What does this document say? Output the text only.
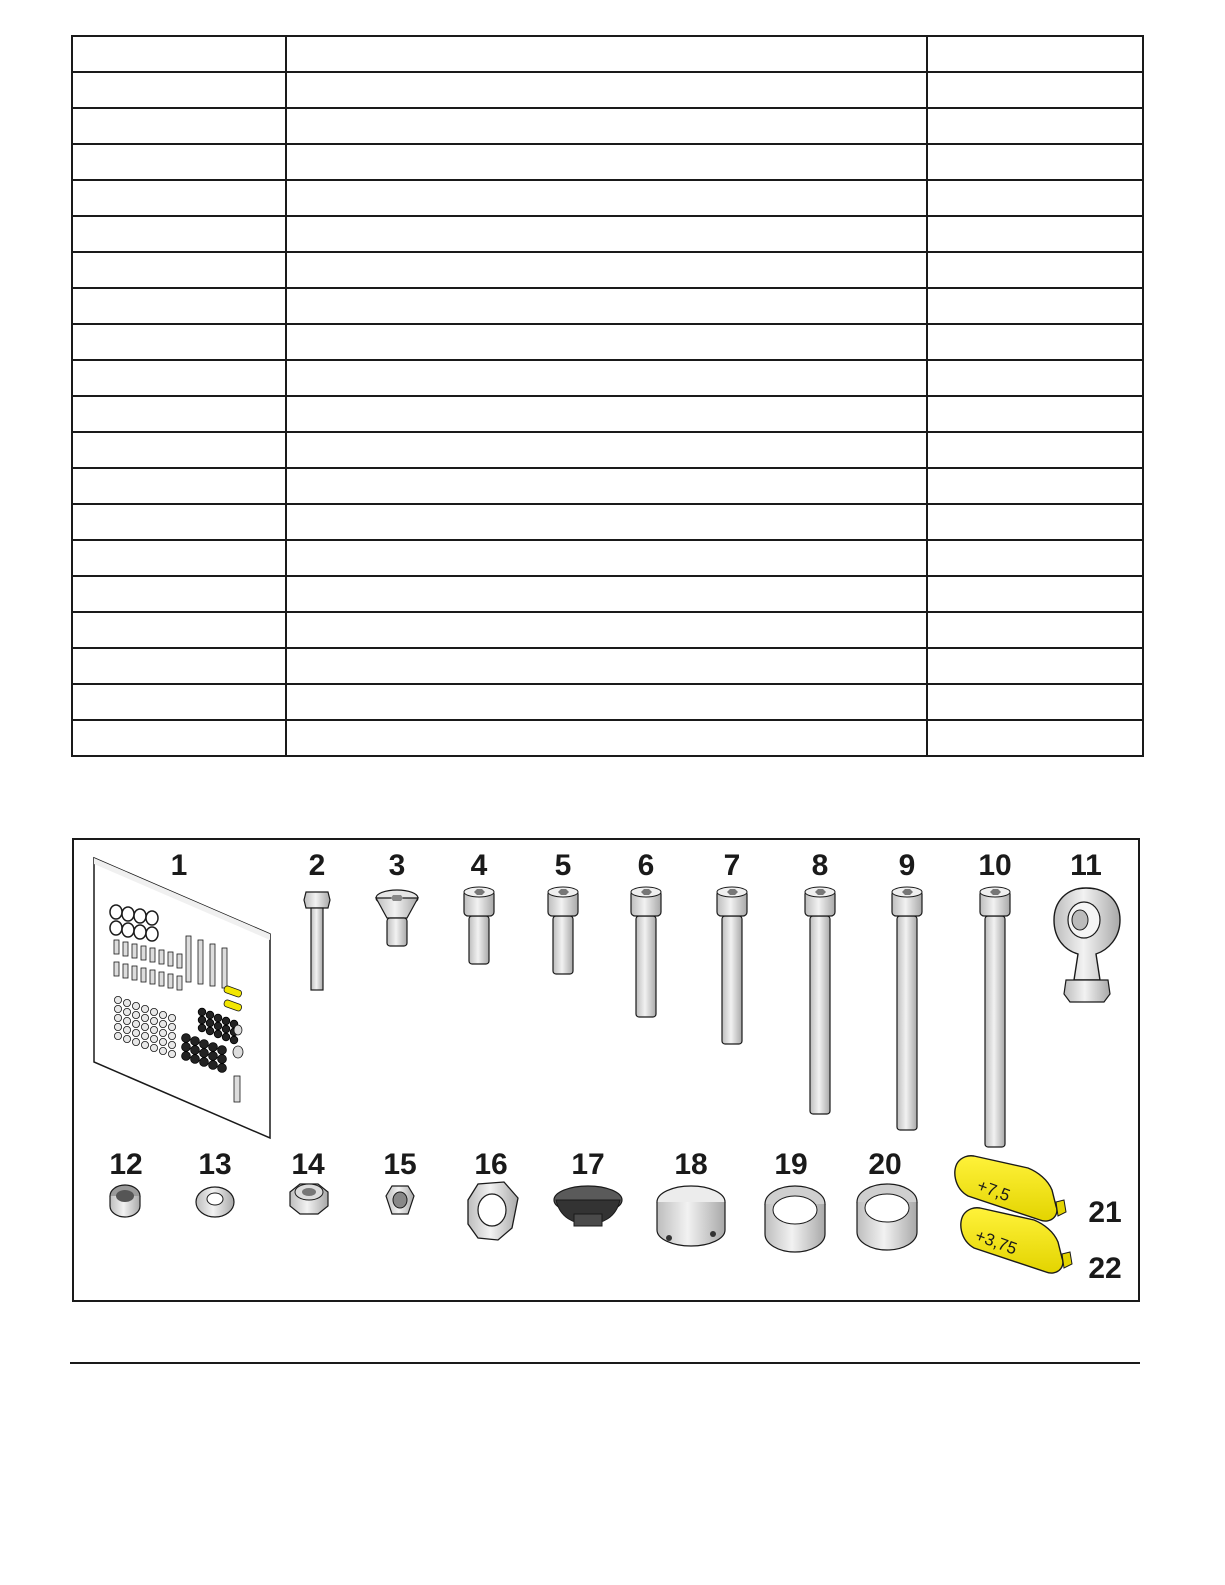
1	2 3 4 5 6 7 8 9 10 11
12 13 14 15 16 17 18 19 20
21
22
+7,5
+3,75
